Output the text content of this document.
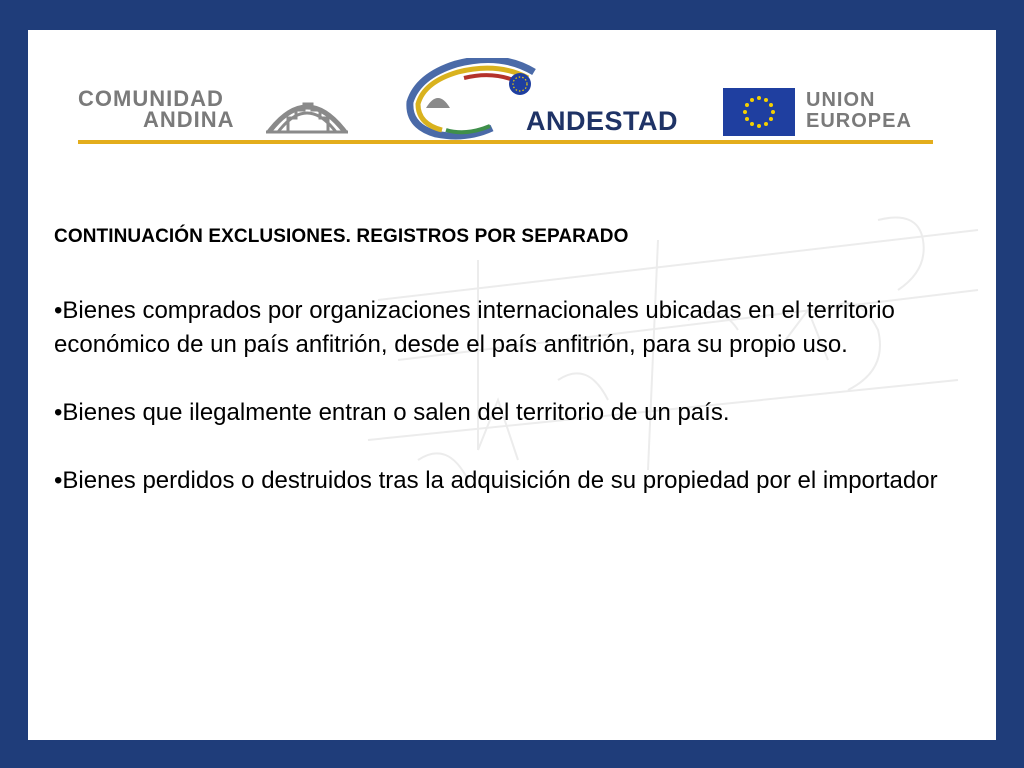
COMUNIDAD
ANDINA	ANDESTAD
UNION
EUROPEA
CONTINUACIÓN EXCLUSIONES. REGISTROS POR SEPARADO
•Bienes comprados por organizaciones internacionales ubicadas en el territorio económico de un país anfitrión, desde el país anfitrión, para su propio uso.
•Bienes que ilegalmente entran o salen del territorio de un país.
•Bienes perdidos o destruidos tras la adquisición de su propiedad por el importador
